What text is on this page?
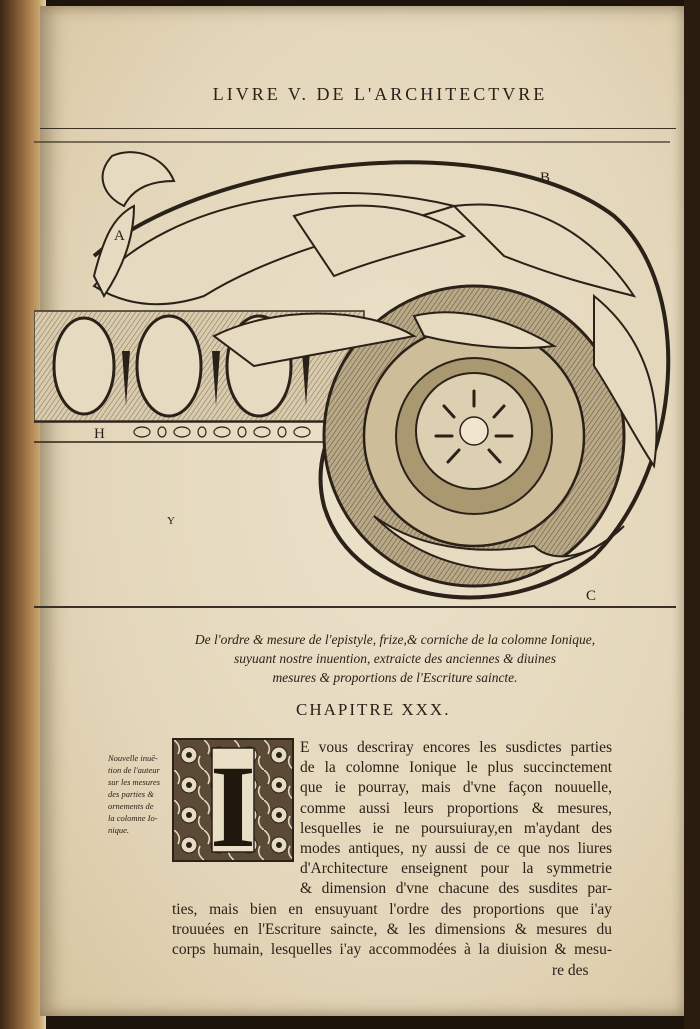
LIVRE V. DE L'ARCHITECTVRE
A
B
C
H
Y
De l'ordre & mesure de l'epistyle, frize,& corniche de la colomne Ionique,
suyuant nostre inuention, extraicte des anciennes & diuines
mesures & proportions de l'Escriture saincte.
CHAPITRE XXX.
Nouvelle inuē-
tion de l'auteur
sur les mesures
des parties &
ornements de
la colomne Io-
nique. I	E vous descriray encores les susdictes parties
de la colomne Ionique le plus succinctement
que ie pourray, mais d'vne façon nouuelle,
comme aussi leurs proportions & mesures,
lesquelles ie ne poursuiuray,en m'aydant des
modes antiques, ny aussi de ce que nos liures
d'Architecture enseignent pour la symmetrie
& dimension d'vne chacune des susdites par-
ties, mais bien en ensuyuant l'ordre des proportions que i'ay
trouuées en l'Escriture saincte, & les dimensions & mesures du
corps humain, lesquelles i'ay accommodées à la diuision & mesu-
re des
